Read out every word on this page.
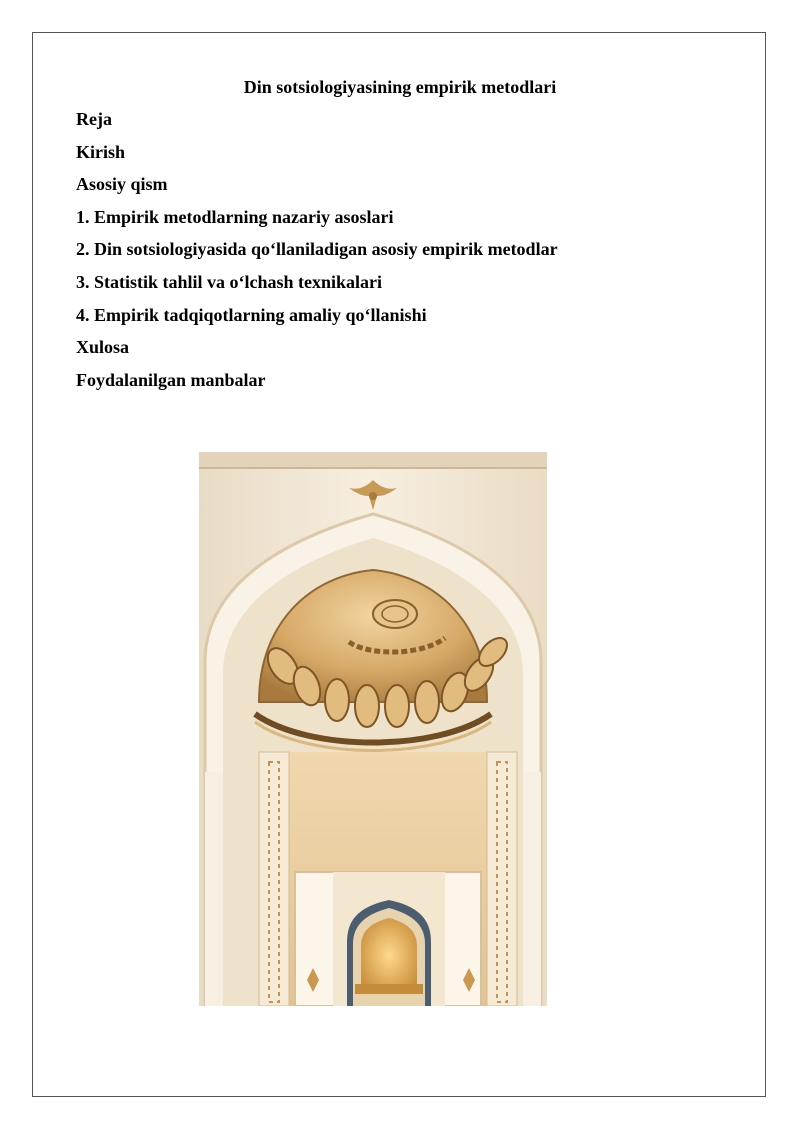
Din sotsiologiyasining empirik metodlari
Reja
Kirish
Asosiy qism
1. Empirik metodlarning nazariy asoslari
2. Din sotsiologiyasida qo‘llaniladigan asosiy empirik metodlar
3. Statistik tahlil va o‘lchash texnikalari
4. Empirik tadqiqotlarning amaliy qo‘llanishi
Xulosa
Foydalanilgan manbalar
